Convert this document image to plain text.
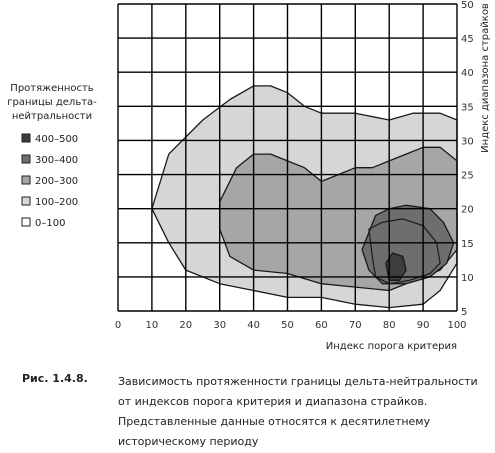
0 10 20 30 40 50 60 70 80 90 100
5
10
15
20
25
30
35
40
45
50
Индекс порога критерия
Индекс диапазона страйков
Протяженность
границы дельта-
нейтральности
400–500
300–400
200–300
100–200
0–100
Рис. 1.4.8.	Зависимость протяженности границы дельта-нейтральности от индексов порога критерия и диапазона страйков. Представленные данные относятся к десятилетнему историческому периоду
